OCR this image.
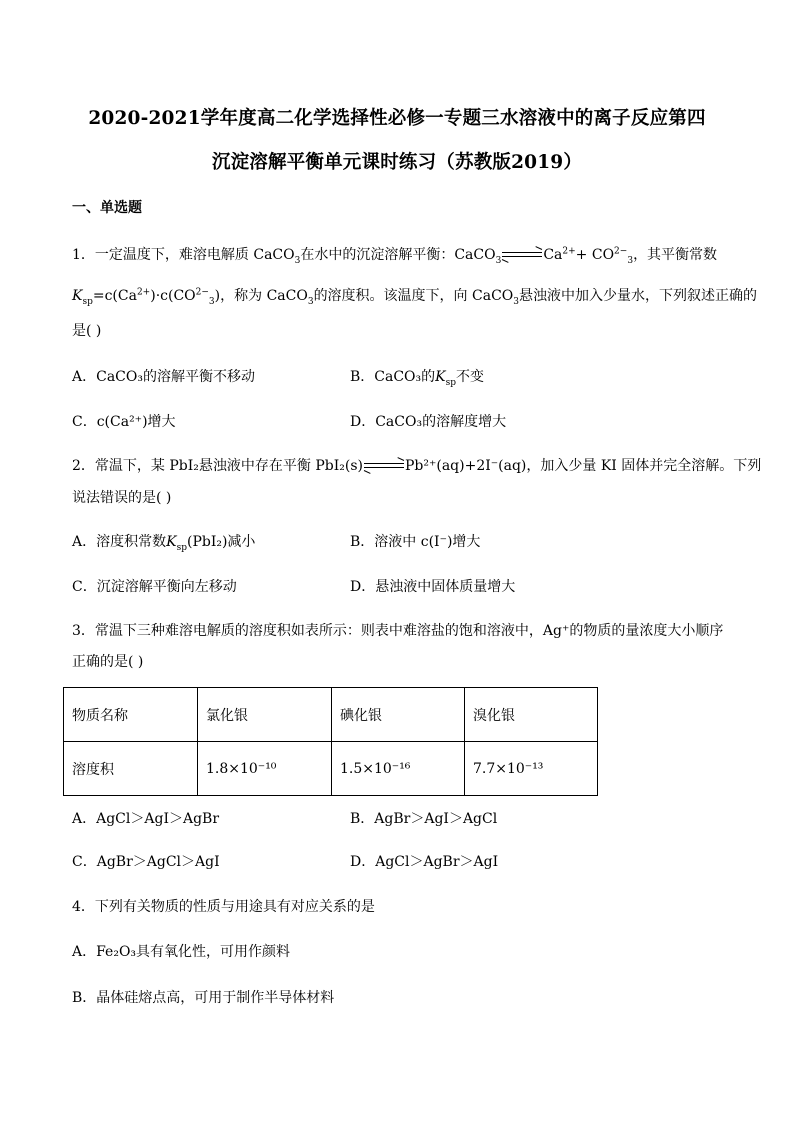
2020-2021学年度高二化学选择性必修一专题三水溶液中的离子反应第四
沉淀溶解平衡单元课时练习（苏教版2019）
一、单选题
1．一定温度下，难溶电解质 CaCO$_3$在水中的沉淀溶解平衡：CaCO$_3$	$Ca^{2+}+ CO^{2-}_3$，其平衡常数
$K_{sp}=c(Ca^{2+})\cdot c(CO^{2-}_3)$，称为 CaCO$_3$的溶度积。该温度下，向 CaCO$_3$悬浊液中加入少量水，下列叙述正确的
是( )
A．CaCO₃的溶解平衡不移动	B．CaCO₃的$K_{sp}$不变
C．c(Ca²⁺)增大	D．CaCO₃的溶解度增大
2．常温下，某 PbI₂悬浊液中存在平衡 PbI₂(s)	Pb²⁺(aq)+2I⁻(aq)，加入少量 KI 固体并完全溶解。下列
说法错误的是( )
A．溶度积常数$K_{sp}(PbI_2)$减小	B．溶液中 c(I⁻)增大
C．沉淀溶解平衡向左移动	D．悬浊液中固体质量增大
3．常温下三种难溶电解质的溶度积如表所示：则表中难溶盐的饱和溶液中，Ag⁺的物质的量浓度大小顺序
正确的是( )
物质名称	氯化银	碘化银	溴化银
溶度积	1.8×10⁻¹⁰	1.5×10⁻¹⁶	7.7×10⁻¹³
A．AgCl＞AgI＞AgBr	B．AgBr＞AgI＞AgCl
C．AgBr＞AgCl＞AgI	D．AgCl＞AgBr＞AgI
4．下列有关物质的性质与用途具有对应关系的是
A．Fe₂O₃具有氧化性，可用作颜料
B．晶体硅熔点高，可用于制作半导体材料
